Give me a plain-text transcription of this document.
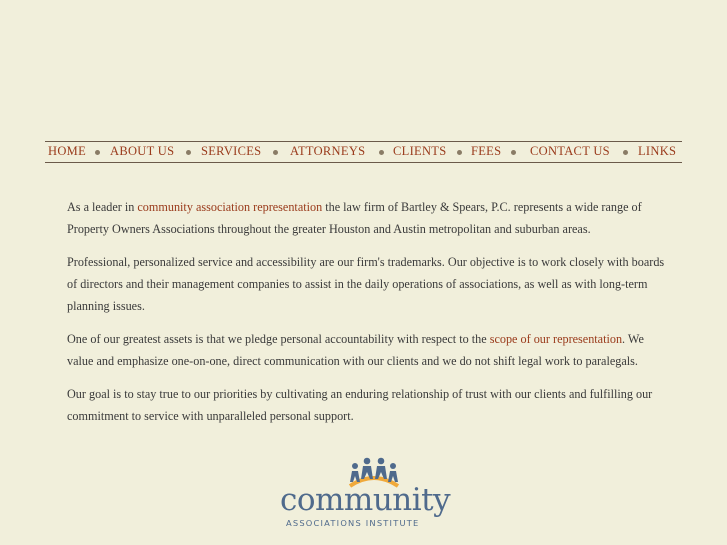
HOME ABOUT US SERVICES ATTORNEYS CLIENTS FEES CONTACT US LINKS

As a leader in community association representation the law firm of Bartley & Spears, P.C. represents a wide range of Property Owners Associations throughout the greater Houston and Austin metropolitan and suburban areas.

Professional, personalized service and accessibility are our firm's trademarks. Our objective is to work closely with boards of directors and their management companies to assist in the daily operations of associations, as well as with long-term planning issues.

One of our greatest assets is that we pledge personal accountability with respect to the scope of our representation. We value and emphasize one-on-one, direct communication with our clients and we do not shift legal work to paralegals.

Our goal is to stay true to our priorities by cultivating an enduring relationship of trust with our clients and fulfilling our commitment to service with unparalleled personal support.

community
ASSOCIATIONS INSTITUTE
